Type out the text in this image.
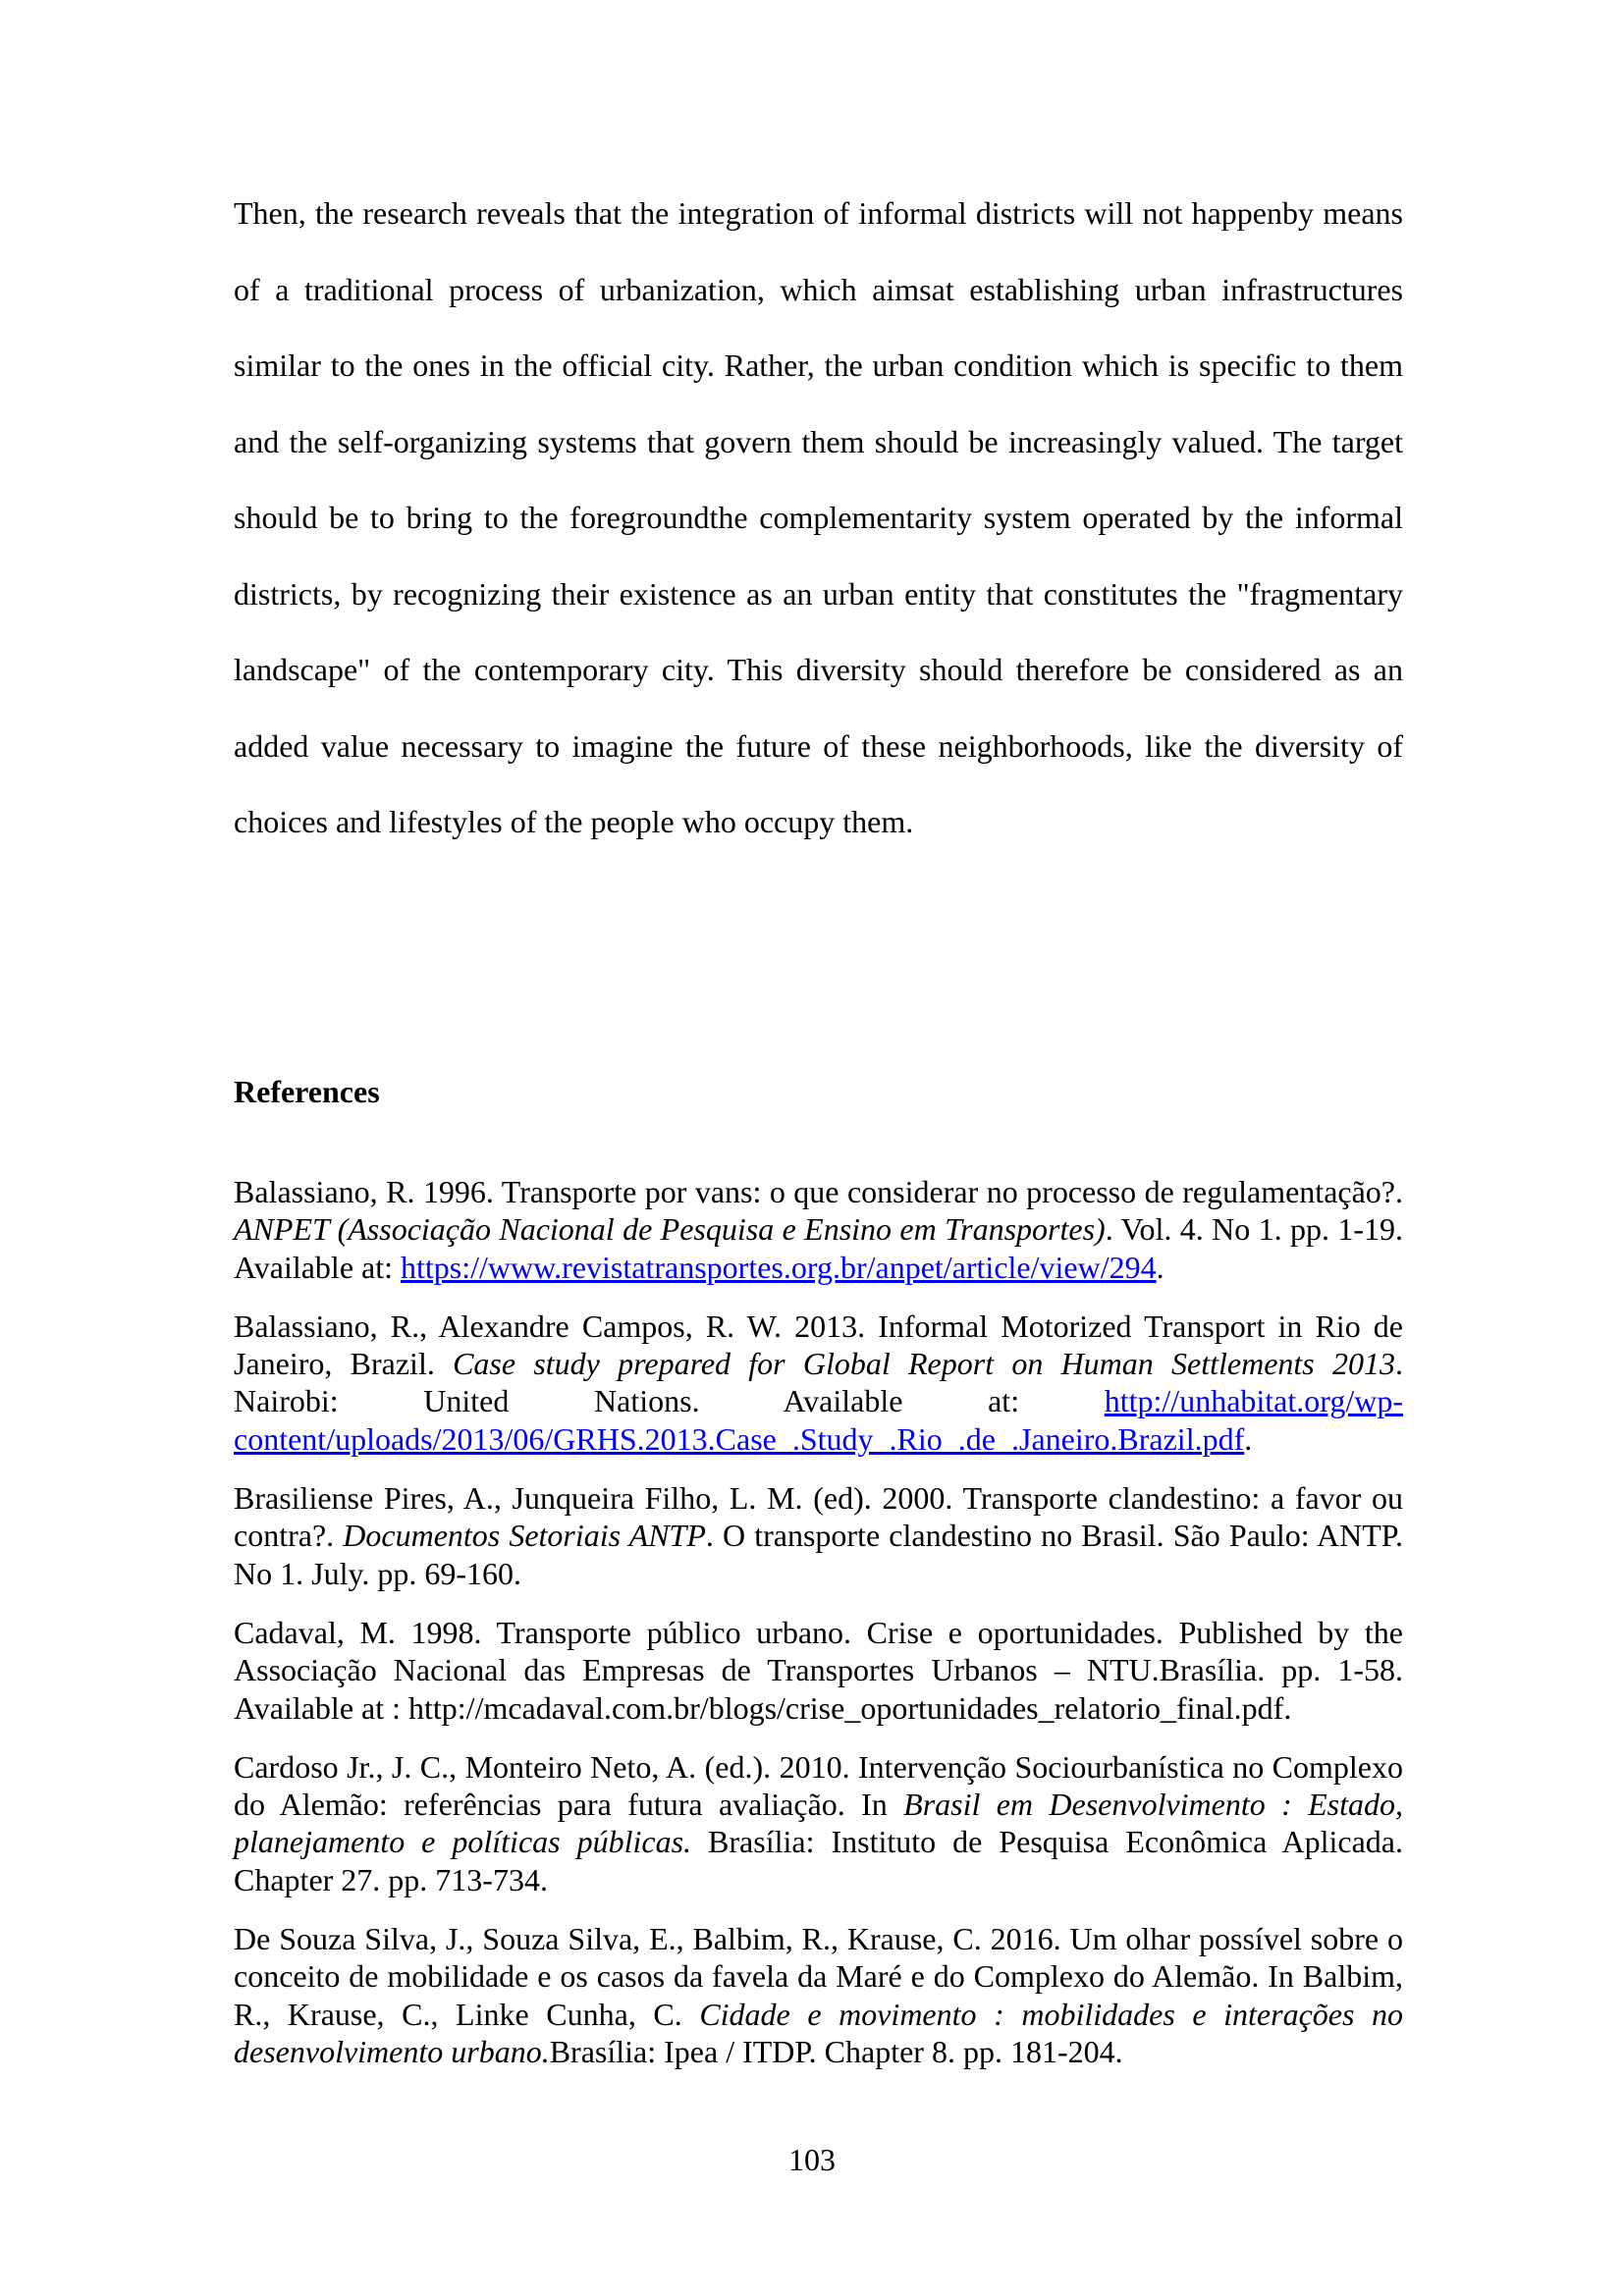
Then, the research reveals that the integration of informal districts will not happenby means of a traditional process of urbanization, which aimsat establishing urban infrastructures similar to the ones in the official city. Rather, the urban condition which is specific to them and the self-organizing systems that govern them should be increasingly valued. The target should be to bring to the foregroundthe complementarity system operated by the informal districts, by recognizing their existence as an urban entity that constitutes the "fragmentary landscape" of the contemporary city. This diversity should therefore be considered as an added value necessary to imagine the future of these neighborhoods, like the diversity of choices and lifestyles of the people who occupy them.

References

Balassiano, R. 1996. Transporte por vans: o que considerar no processo de regulamentação?. ANPET (Associação Nacional de Pesquisa e Ensino em Transportes). Vol. 4. No 1. pp. 1-19. Available at: https://www.revistatransportes.org.br/anpet/article/view/294.

Balassiano, R., Alexandre Campos, R. W. 2013. Informal Motorized Transport in Rio de Janeiro, Brazil. Case study prepared for Global Report on Human Settlements 2013. Nairobi: United Nations. Available at: http://unhabitat.org/wp-content/uploads/2013/06/GRHS.2013.Case_.Study_.Rio_.de_.Janeiro.Brazil.pdf.

Brasiliense Pires, A., Junqueira Filho, L. M. (ed). 2000. Transporte clandestino: a favor ou contra?. Documentos Setoriais ANTP. O transporte clandestino no Brasil. São Paulo: ANTP. No 1. July. pp. 69-160.

Cadaval, M. 1998. Transporte público urbano. Crise e oportunidades. Published by the Associação Nacional das Empresas de Transportes Urbanos – NTU.Brasília. pp. 1-58. Available at : http://mcadaval.com.br/blogs/crise_oportunidades_relatorio_final.pdf.

Cardoso Jr., J. C., Monteiro Neto, A. (ed.). 2010. Intervenção Sociourbanística no Complexo do Alemão: referências para futura avaliação. In Brasil em Desenvolvimento : Estado, planejamento e políticas públicas. Brasília: Instituto de Pesquisa Econômica Aplicada. Chapter 27. pp. 713-734.

De Souza Silva, J., Souza Silva, E., Balbim, R., Krause, C. 2016. Um olhar possível sobre o conceito de mobilidade e os casos da favela da Maré e do Complexo do Alemão. In Balbim, R., Krause, C., Linke Cunha, C. Cidade e movimento : mobilidades e interações no desenvolvimento urbano.Brasília: Ipea / ITDP. Chapter 8. pp. 181-204.

103
